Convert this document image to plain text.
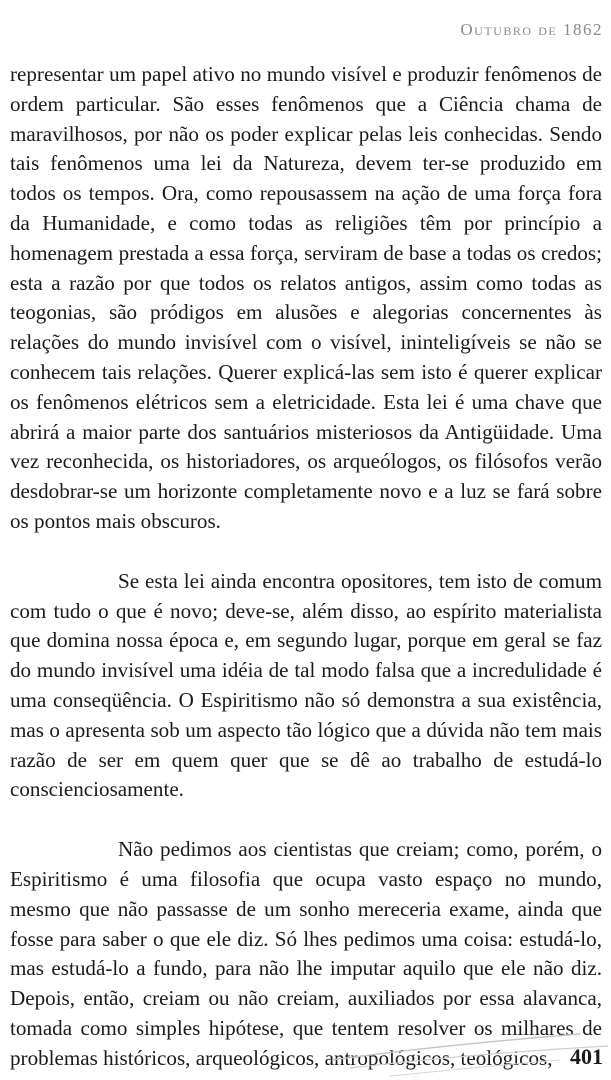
Outubro de 1862

representar um papel ativo no mundo visível e produzir fenômenos de ordem particular. São esses fenômenos que a Ciência chama de maravilhosos, por não os poder explicar pelas leis conhecidas. Sendo tais fenômenos uma lei da Natureza, devem ter-se produzido em todos os tempos. Ora, como repousassem na ação de uma força fora da Humanidade, e como todas as religiões têm por princípio a homenagem prestada a essa força, serviram de base a todas os credos; esta a razão por que todos os relatos antigos, assim como todas as teogonias, são pródigos em alusões e alegorias concernentes às relações do mundo invisível com o visível, ininteligíveis se não se conhecem tais relações. Querer explicá-las sem isto é querer explicar os fenômenos elétricos sem a eletricidade. Esta lei é uma chave que abrirá a maior parte dos santuários misteriosos da Antigüidade. Uma vez reconhecida, os historiadores, os arqueólogos, os filósofos verão desdobrar-se um horizonte completamente novo e a luz se fará sobre os pontos mais obscuros.

Se esta lei ainda encontra opositores, tem isto de comum com tudo o que é novo; deve-se, além disso, ao espírito materialista que domina nossa época e, em segundo lugar, porque em geral se faz do mundo invisível uma idéia de tal modo falsa que a incredulidade é uma conseqüência. O Espiritismo não só demonstra a sua existência, mas o apresenta sob um aspecto tão lógico que a dúvida não tem mais razão de ser em quem quer que se dê ao trabalho de estudá-lo conscienciosamente.

Não pedimos aos cientistas que creiam; como, porém, o Espiritismo é uma filosofia que ocupa vasto espaço no mundo, mesmo que não passasse de um sonho mereceria exame, ainda que fosse para saber o que ele diz. Só lhes pedimos uma coisa: estudá-lo, mas estudá-lo a fundo, para não lhe imputar aquilo que ele não diz. Depois, então, creiam ou não creiam, auxiliados por essa alavanca, tomada como simples hipótese, que tentem resolver os milhares de problemas históricos, arqueológicos, antropológicos, teológicos, 401
